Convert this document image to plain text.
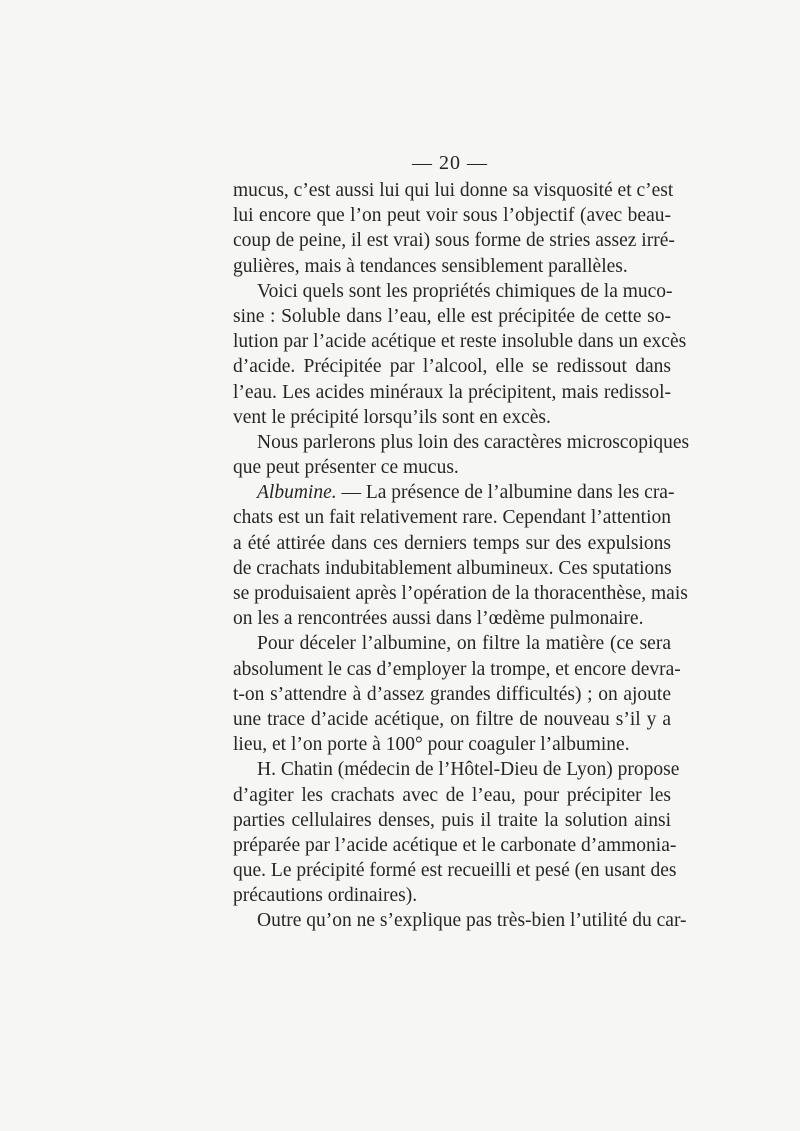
— 20 —
mucus, c’est aussi lui qui lui donne sa visquosité et c’est
lui encore que l’on peut voir sous l’objectif (avec beau-
coup de peine, il est vrai) sous forme de stries assez irré-
gulières, mais à tendances sensiblement parallèles.
Voici quels sont les propriétés chimiques de la muco-
sine : Soluble dans l’eau, elle est précipitée de cette so-
lution par l’acide acétique et reste insoluble dans un excès
d’acide. Précipitée par l’alcool, elle se redissout dans
l’eau. Les acides minéraux la précipitent, mais redissol-
vent le précipité lorsqu’ils sont en excès.
Nous parlerons plus loin des caractères microscopiques
que peut présenter ce mucus.
Albumine. — La présence de l’albumine dans les cra-
chats est un fait relativement rare. Cependant l’attention
a été attirée dans ces derniers temps sur des expulsions
de crachats indubitablement albumineux. Ces sputations
se produisaient après l’opération de la thoracenthèse, mais
on les a rencontrées aussi dans l’œdème pulmonaire.
Pour déceler l’albumine, on filtre la matière (ce sera
absolument le cas d’employer la trompe, et encore devra-
t-on s’attendre à d’assez grandes difficultés) ; on ajoute
une trace d’acide acétique, on filtre de nouveau s’il y a
lieu, et l’on porte à 100° pour coaguler l’albumine.
H. Chatin (médecin de l’Hôtel-Dieu de Lyon) propose
d’agiter les crachats avec de l’eau, pour précipiter les
parties cellulaires denses, puis il traite la solution ainsi
préparée par l’acide acétique et le carbonate d’ammonia-
que. Le précipité formé est recueilli et pesé (en usant des
précautions ordinaires).
Outre qu’on ne s’explique pas très-bien l’utilité du car-
